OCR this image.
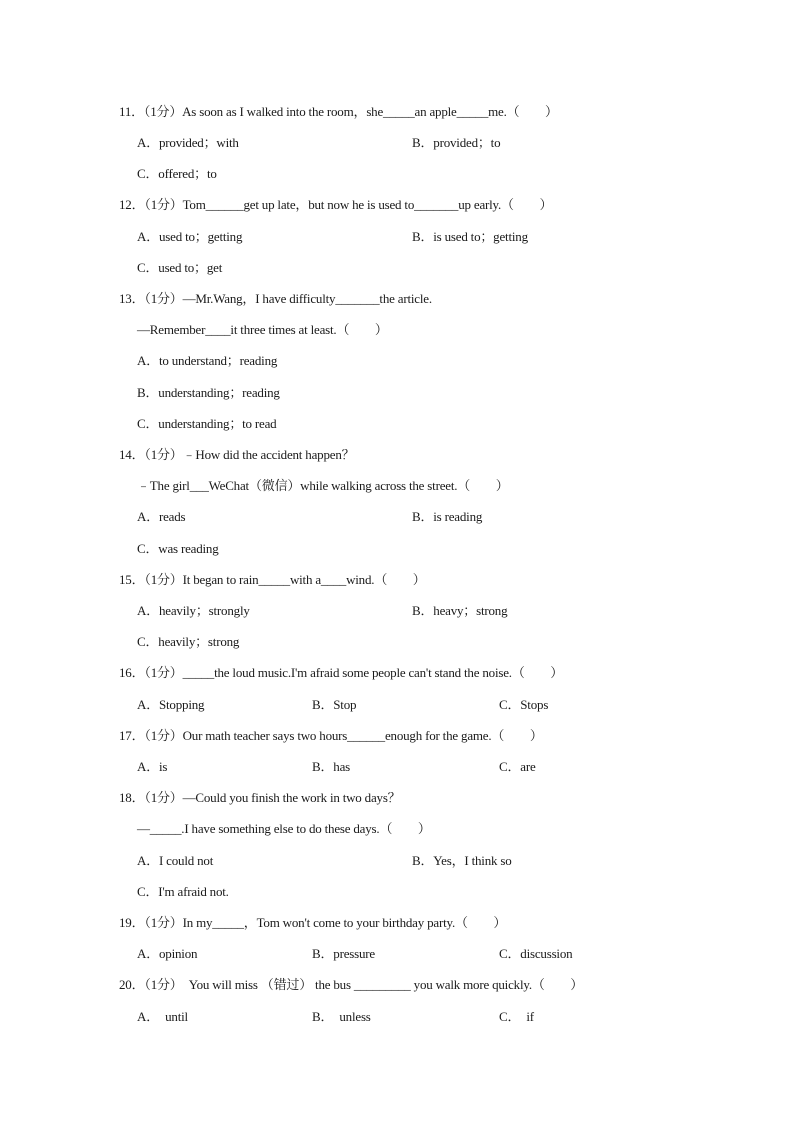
11．（1分）As soon as I walked into the room，she_____an apple_____me.（　　）
A．provided；with	B．provided；to
C．offered；to
12．（1分）Tom______get up late，but now he is used to_______up early.（　　）
A．used to；getting	B．is used to；getting
C．used to；get
13．（1分）—Mr.Wang，I have difficulty_______the article.
—Remember____it three times at least.（　　）
A．to understand；reading
B．understanding；reading
C．understanding；to read
14．（1分）﹣How did the accident happen？
﹣The girl___WeChat（微信）while walking across the street.（　　）
A．reads	B．is reading
C．was reading
15．（1分）It began to rain_____with a____wind.（　　）
A．heavily；strongly	B．heavy；strong
C．heavily；strong
16．（1分）_____the loud music.I'm afraid some people can't stand the noise.（　　）
A．Stopping	B．Stop	C．Stops
17．（1分）Our math teacher says two hours______enough for the game.（　　）
A．is	B．has	C．are
18．（1分）—Could you finish the work in two days？
—_____.I have something else to do these days.（　　）
A．I could not	B．Yes，I think so
C．I'm afraid not.
19．（1分）In my_____，Tom won't come to your birthday party.（　　）
A．opinion	B．pressure	C．discussion
20．（1分）  You will miss （错过） the bus _________ you walk more quickly.（　　）
A．  until	B．  unless	C．  if
